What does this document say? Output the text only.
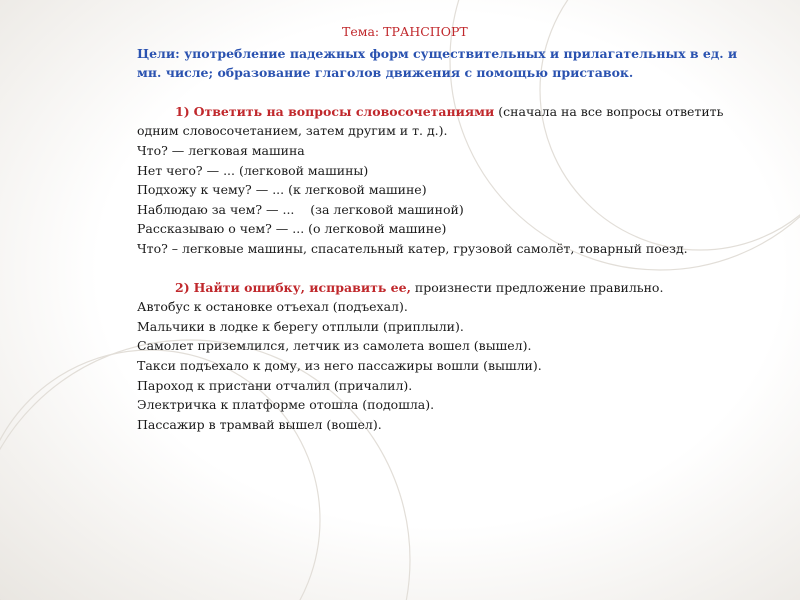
Тема: ТРАНСПОРТ
Цели: употребление падежных форм существительных и прилагательных в ед. и мн. числе; образование глаголов движения с помощью приставок.
1) Ответить на вопросы словосочетаниями (сначала на все вопросы ответить одним словосочетанием, затем другим и т. д.).
Что? — легковая машина
Нет чего? — ... (легковой машины)
Подхожу к чему? — ... (к легковой машине)
Наблюдаю за чем? — ...    (за легковой машиной)
Рассказываю о чем? — ... (о легковой машине)
Что? – легковые машины, спасательный катер, грузовой самолёт, товарный поезд.
2) Найти ошибку, исправить ее, произнести предложение правильно.
Автобус к остановке отъехал (подъехал).
Мальчики в лодке к берегу отплыли (приплыли).
Самолет приземлился, летчик из самолета вошел (вышел).
Такси подъехало к дому, из него пассажиры вошли (вышли).
Пароход к пристани отчалил (причалил).
Электричка к платформе отошла (подошла).
Пассажир в трамвай вышел (вошел).
